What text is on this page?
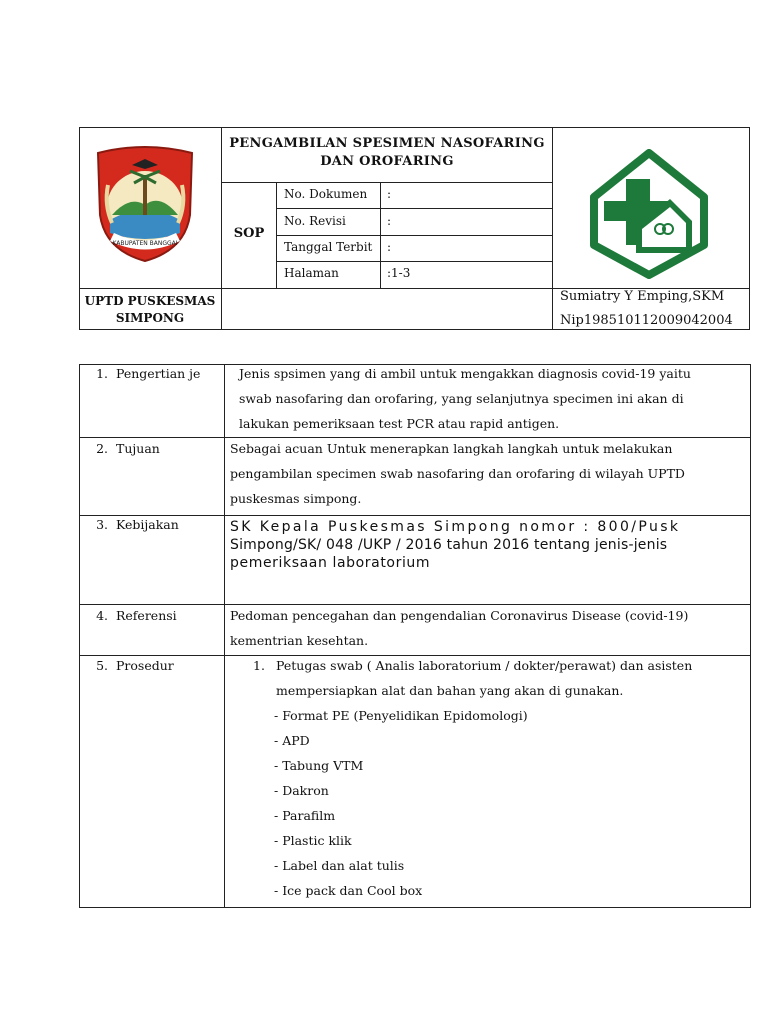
KABUPATEN BANGGAI
PENGAMBILAN SPESIMEN NASOFARING
DAN OROFARING
SOP
No. Dokumen :
No. Revisi	:
Tanggal Terbit :
Halaman	:1-3
UPTD PUSKESMAS
SIMPONG
Sumiatry Y Emping,SKM
Nip198510112009042004
1. Pengertian je	Jenis spsimen yang di ambil untuk mengakkan diagnosis covid-19 yaitu
swab nasofaring dan orofaring, yang selanjutnya specimen ini akan di
lakukan pemeriksaan test PCR atau rapid antigen.
2. Tujuan	Sebagai acuan Untuk menerapkan langkah langkah untuk melakukan
pengambilan specimen swab nasofaring dan orofaring di wilayah UPTD
puskesmas simpong.
3. Kebijakan	SK Kepala Puskesmas Simpong nomor : 800/Pusk
Simpong/SK/ 048 /UKP / 2016 tahun 2016 tentang jenis-jenis
pemeriksaan laboratorium
4. Referensi	Pedoman pencegahan dan pengendalian Coronavirus Disease (covid-19)
kementrian kesehtan.
5. Prosedur	1. Petugas swab ( Analis laboratorium / dokter/perawat) dan asisten
mempersiapkan alat dan bahan yang akan di gunakan.
- Format PE (Penyelidikan Epidomologi)
- APD
- Tabung VTM
- Dakron
- Parafilm
- Plastic klik
- Label dan alat tulis
- Ice pack dan Cool box
